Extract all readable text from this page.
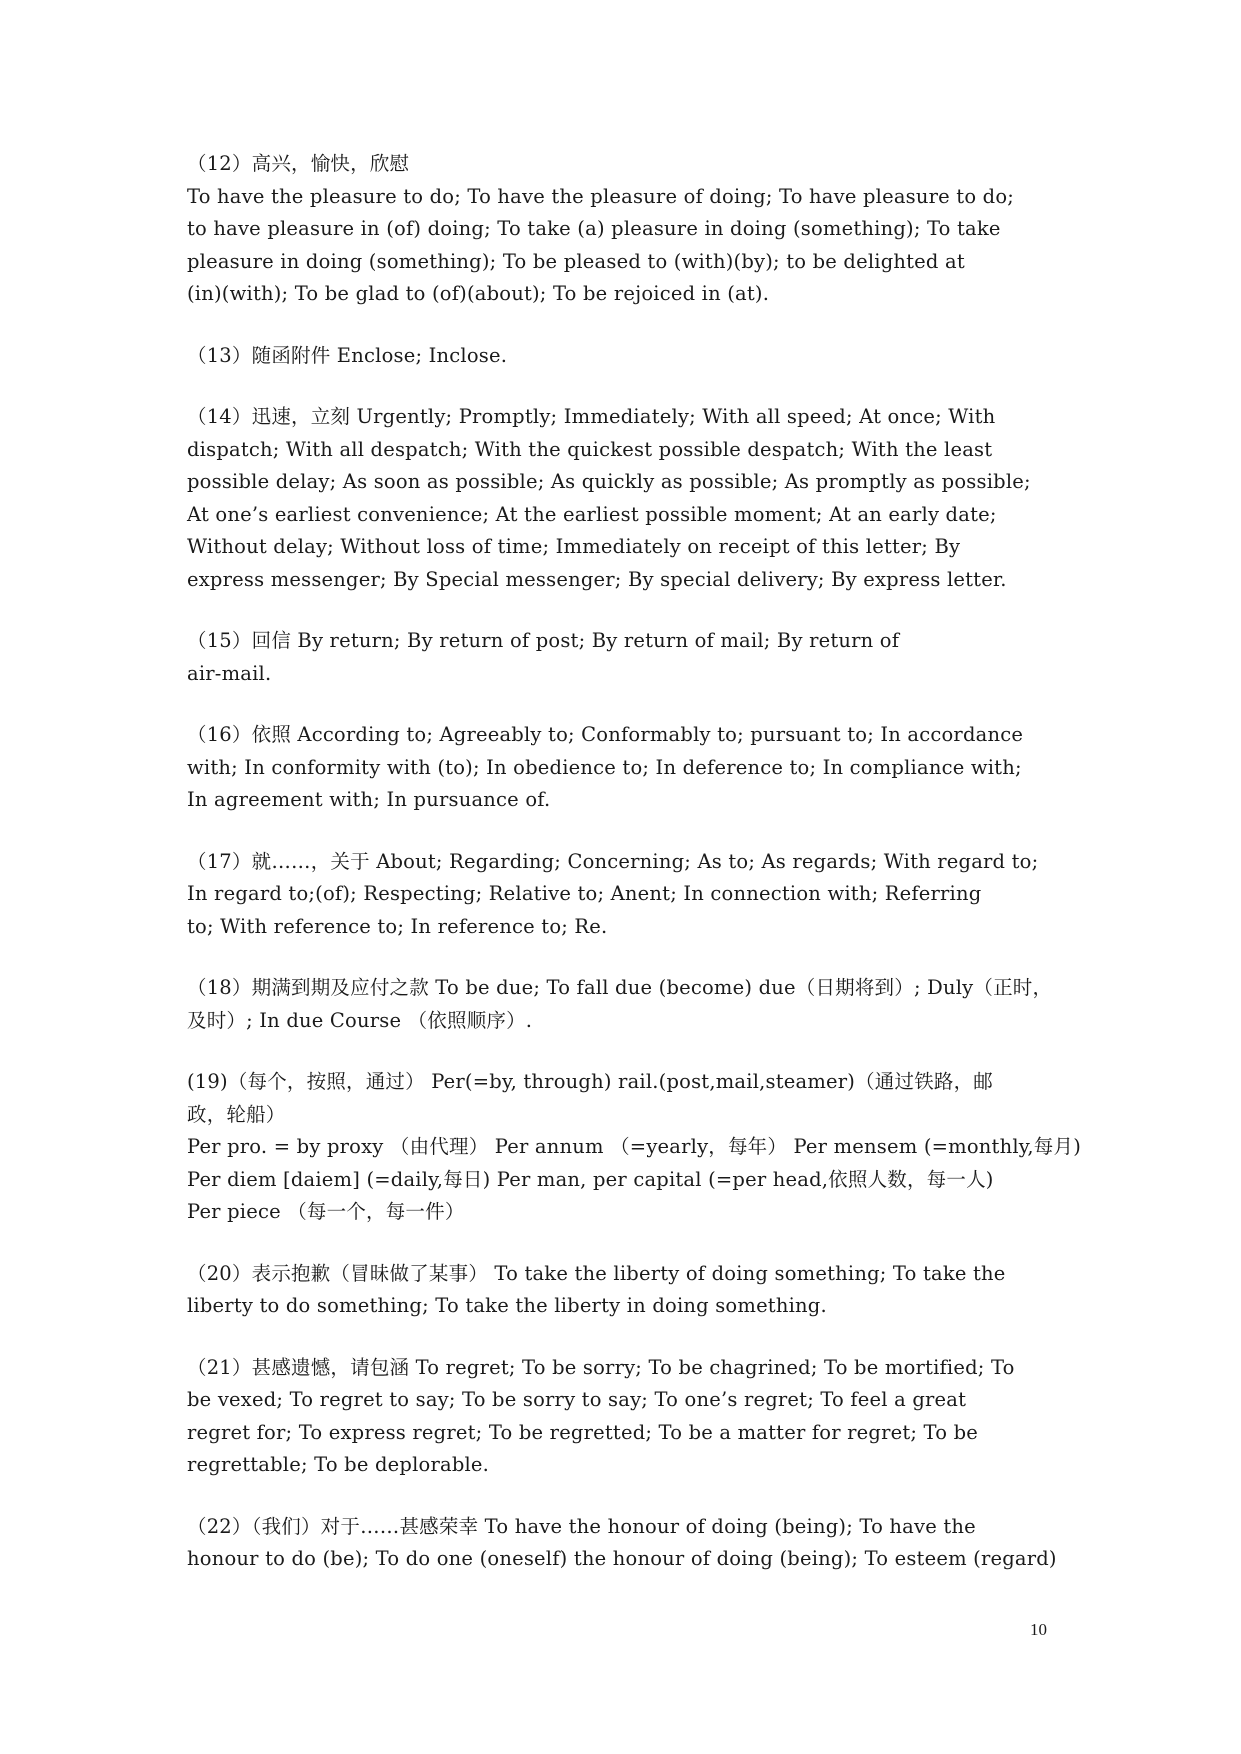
（12）高兴，愉快，欣慰
To have the pleasure to do; To have the pleasure of doing; To have pleasure to do;
to have pleasure in (of) doing; To take (a) pleasure in doing (something); To take
pleasure in doing (something); To be pleased to (with)(by); to be delighted at
(in)(with); To be glad to (of)(about); To be rejoiced in (at).
（13）随函附件 Enclose; Inclose.
（14）迅速，立刻 Urgently; Promptly; Immediately; With all speed; At once; With
dispatch; With all despatch; With the quickest possible despatch; With the least
possible delay; As soon as possible; As quickly as possible; As promptly as possible;
At one’s earliest convenience; At the earliest possible moment; At an early date;
Without delay; Without loss of time; Immediately on receipt of this letter; By
express messenger; By Special messenger; By special delivery; By express letter.
（15）回信 By return; By return of post; By return of mail; By return of
air-mail.
（16）依照 According to; Agreeably to; Conformably to; pursuant to; In accordance
with; In conformity with (to); In obedience to; In deference to; In compliance with;
In agreement with; In pursuance of.
（17）就……，关于 About; Regarding; Concerning; As to; As regards; With regard to;
In regard to;(of); Respecting; Relative to; Anent; In connection with; Referring
to; With reference to; In reference to; Re.
（18）期满到期及应付之款 To be due; To fall due (become) due（日期将到）; Duly（正时，
及时）; In due Course （依照顺序）.
(19)（每个，按照，通过） Per(=by, through) rail.(post,mail,steamer)（通过铁路，邮
政，轮船）
Per pro. = by proxy （由代理） Per annum （=yearly，每年） Per mensem (=monthly,每月)
Per diem [daiem] (=daily,每日) Per man, per capital (=per head,依照人数，每一人)
Per piece （每一个，每一件）
（20）表示抱歉（冒昧做了某事） To take the liberty of doing something; To take the
liberty to do something; To take the liberty in doing something.
（21）甚感遗憾，请包涵 To regret; To be sorry; To be chagrined; To be mortified; To
be vexed; To regret to say; To be sorry to say; To one’s regret; To feel a great
regret for; To express regret; To be regretted; To be a matter for regret; To be
regrettable; To be deplorable.
（22）（我们）对于……甚感荣幸 To have the honour of doing (being); To have the
honour to do (be); To do one (oneself) the honour of doing (being); To esteem (regard)
10
